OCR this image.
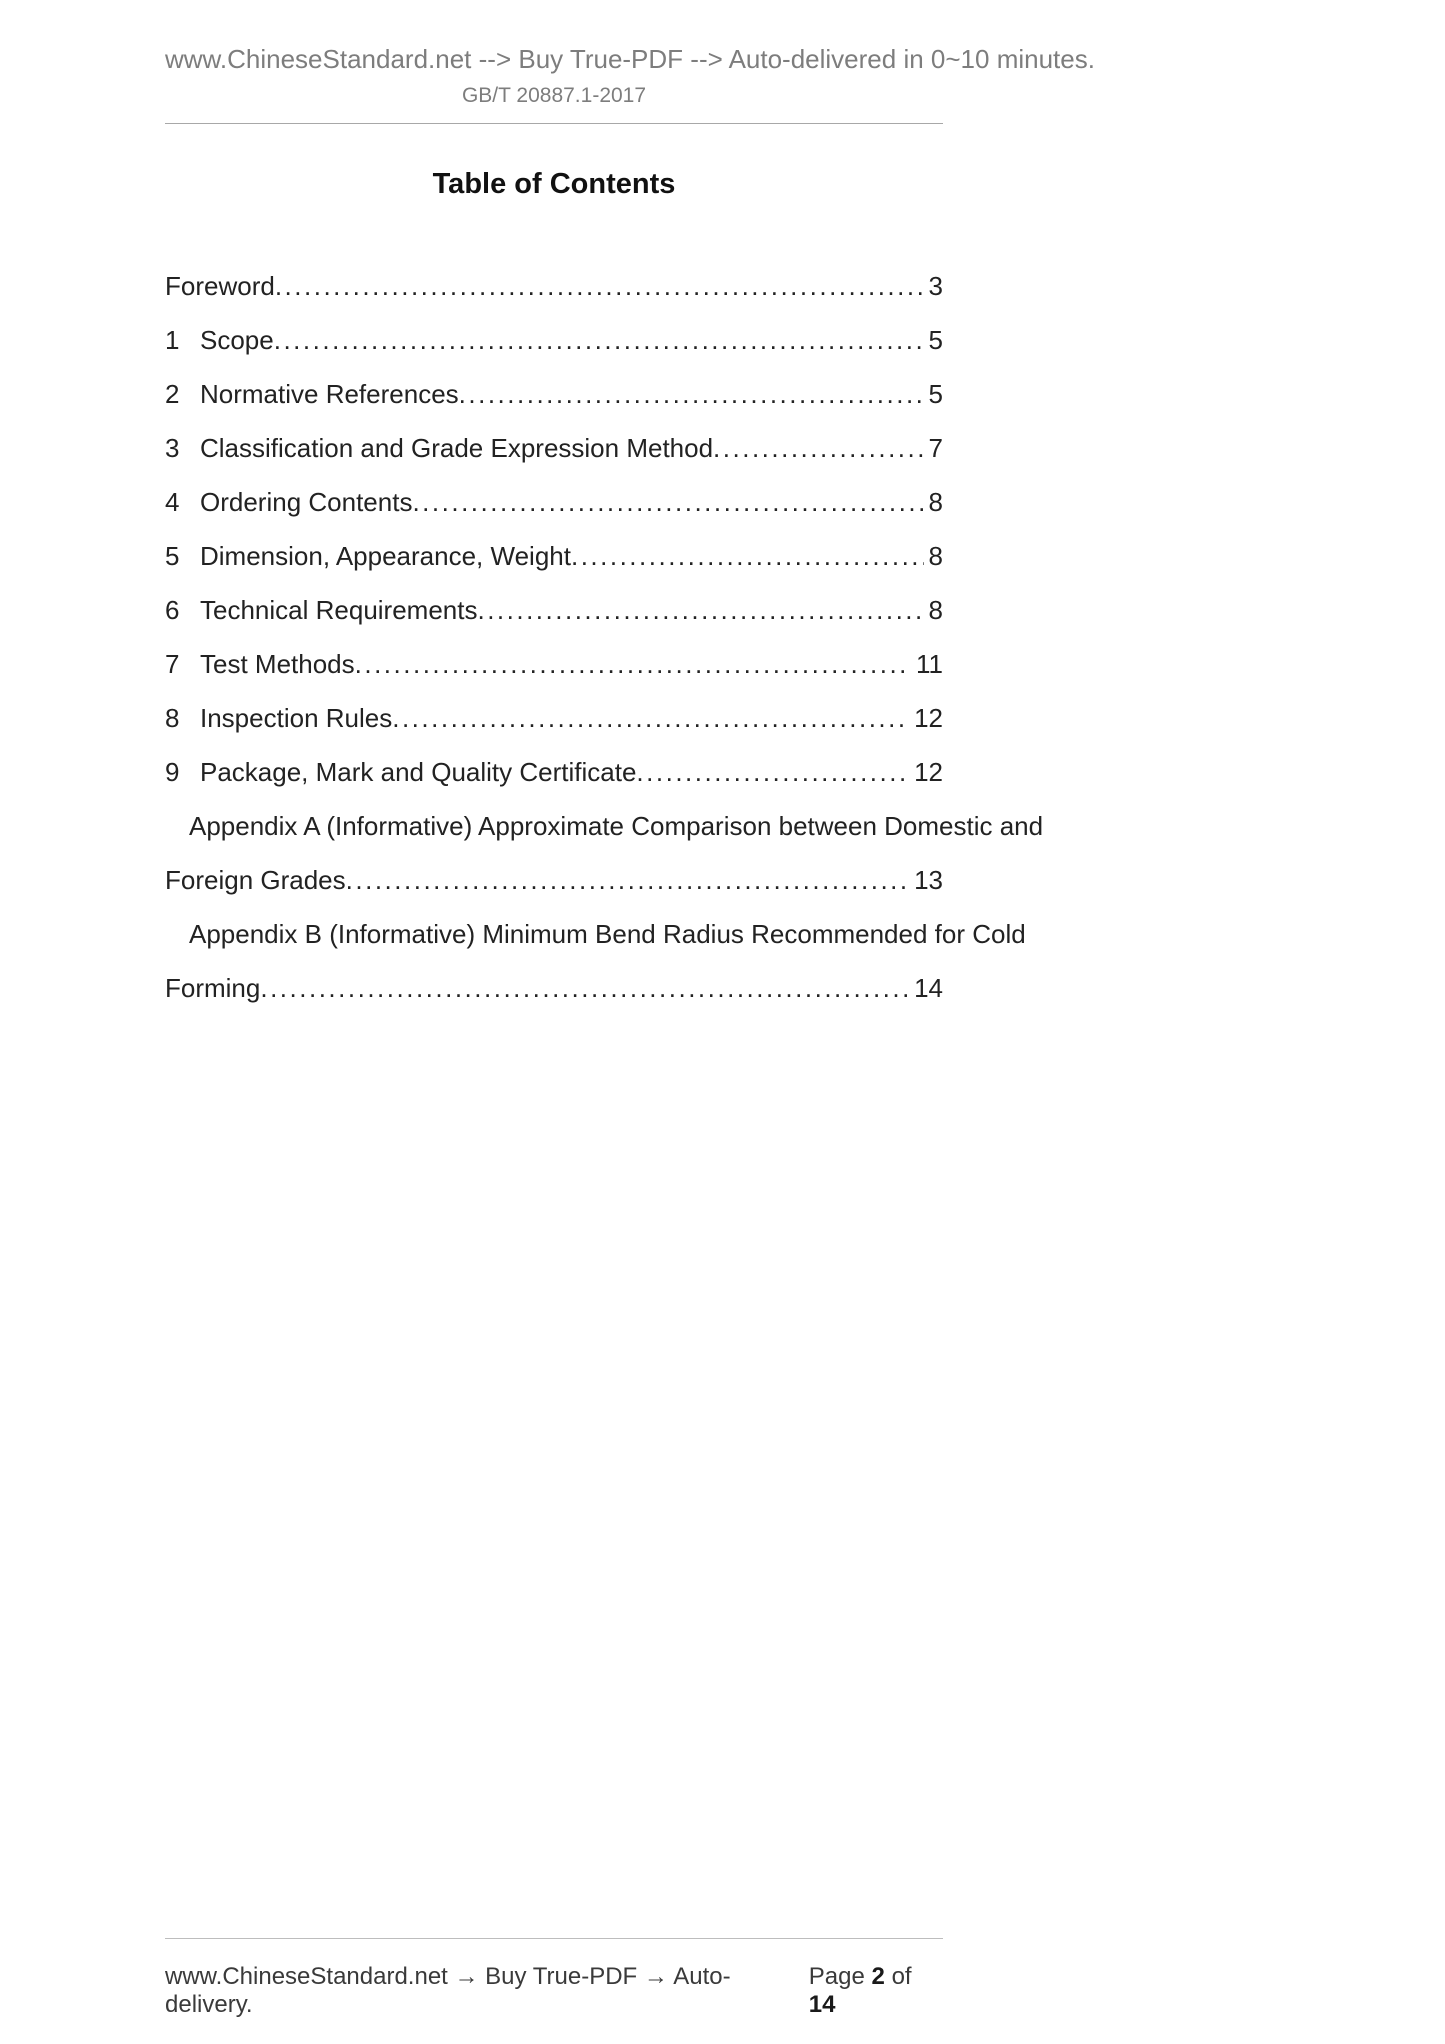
www.ChineseStandard.net --> Buy True-PDF --> Auto-delivered in 0~10 minutes.
GB/T 20887.1-2017
Table of Contents
Foreword .....	3
1 Scope .....	5
2 Normative References .....	5
3 Classification and Grade Expression Method .....	7
4 Ordering Contents .....	8
5 Dimension, Appearance, Weight .....	8
6 Technical Requirements .....	8
7 Test Methods .....	11
8 Inspection Rules .....	12
9 Package, Mark and Quality Certificate .....	12
Appendix A (Informative) Approximate Comparison between Domestic and
Foreign Grades .....	13
Appendix B (Informative) Minimum Bend Radius Recommended for Cold
Forming .....	14
www.ChineseStandard.net → Buy True-PDF → Auto-delivery.
Page 2 of 14
